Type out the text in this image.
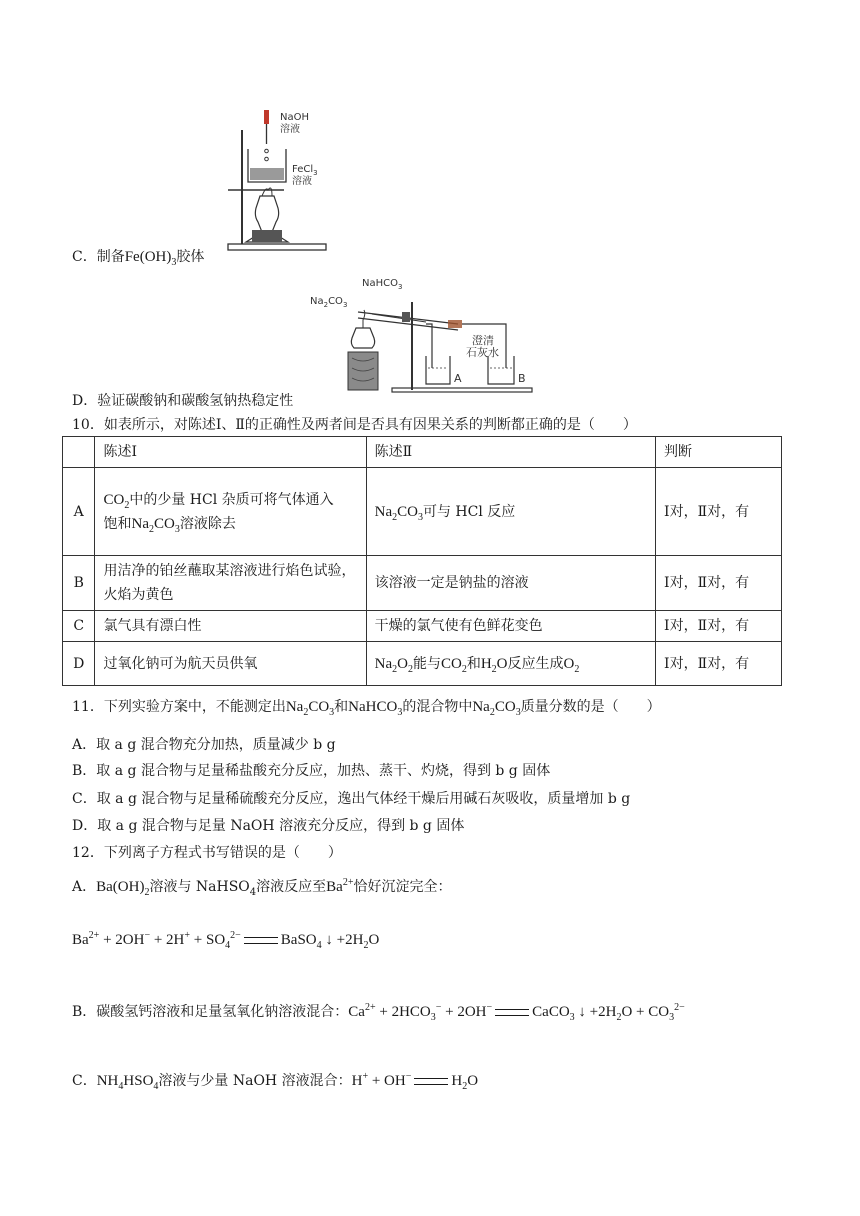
NaOH
溶液
FeCl$_3$
溶液
C．制备$Fe(OH)_3$胶体
NaHCO$_3$
$Na_2CO_3$
澄清
石灰水
A	B
D．验证碳酸钠和碳酸氢钠热稳定性
10．如表所示，对陈述Ⅰ、Ⅱ的正确性及两者间是否具有因果关系的判断都正确的是（　　）
	陈述Ⅰ	陈述Ⅱ	判断
A	$CO_2$中的少量 HCl 杂质可将气体通入
饱和$Na_2CO_3$溶液除去	$Na_2CO_3$可与 HCl 反应	Ⅰ对，Ⅱ对，有
B	用洁净的铂丝蘸取某溶液进行焰色试验，火焰为黄色	该溶液一定是钠盐的溶液	Ⅰ对，Ⅱ对，有
C	氯气具有漂白性	干燥的氯气使有色鲜花变色	Ⅰ对，Ⅱ对，有
D	过氧化钠可为航天员供氧	$Na_2O_2$能与$CO_2$和$H_2O$反应生成$O_2$	Ⅰ对，Ⅱ对，有
11．下列实验方案中，不能测定出$Na_2CO_3$和NaHCO$_3$的混合物中$Na_2CO_3$质量分数的是（　　）
A．取 a g 混合物充分加热，质量减少 b g
B．取 a g 混合物与足量稀盐酸充分反应，加热、蒸干、灼烧，得到 b g 固体
C．取 a g 混合物与足量稀硫酸充分反应，逸出气体经干燥后用碱石灰吸收，质量增加 b g
D．取 a g 混合物与足量 NaOH 溶液充分反应，得到 b g 固体
12．下列离子方程式书写错误的是（　　）
A．$Ba(OH)_2$溶液与 NaHSO$_4$溶液反应至$Ba^{2+}$恰好沉淀完全：
$Ba^{2+} + 2OH^- + 2H^+ + SO_4^{2-}$	BaSO$_4$ ↓ $+2H_2O$
B．碳酸氢钙溶液和足量氢氧化钠溶液混合：$Ca^{2+} + 2HCO_3^- + 2OH^-$	CaCO$_3$ ↓ $+2H_2O + CO_3^{2-}$
C．$NH_4HSO_4$溶液与少量 NaOH 溶液混合：H+ + OH−	$H_2O$
